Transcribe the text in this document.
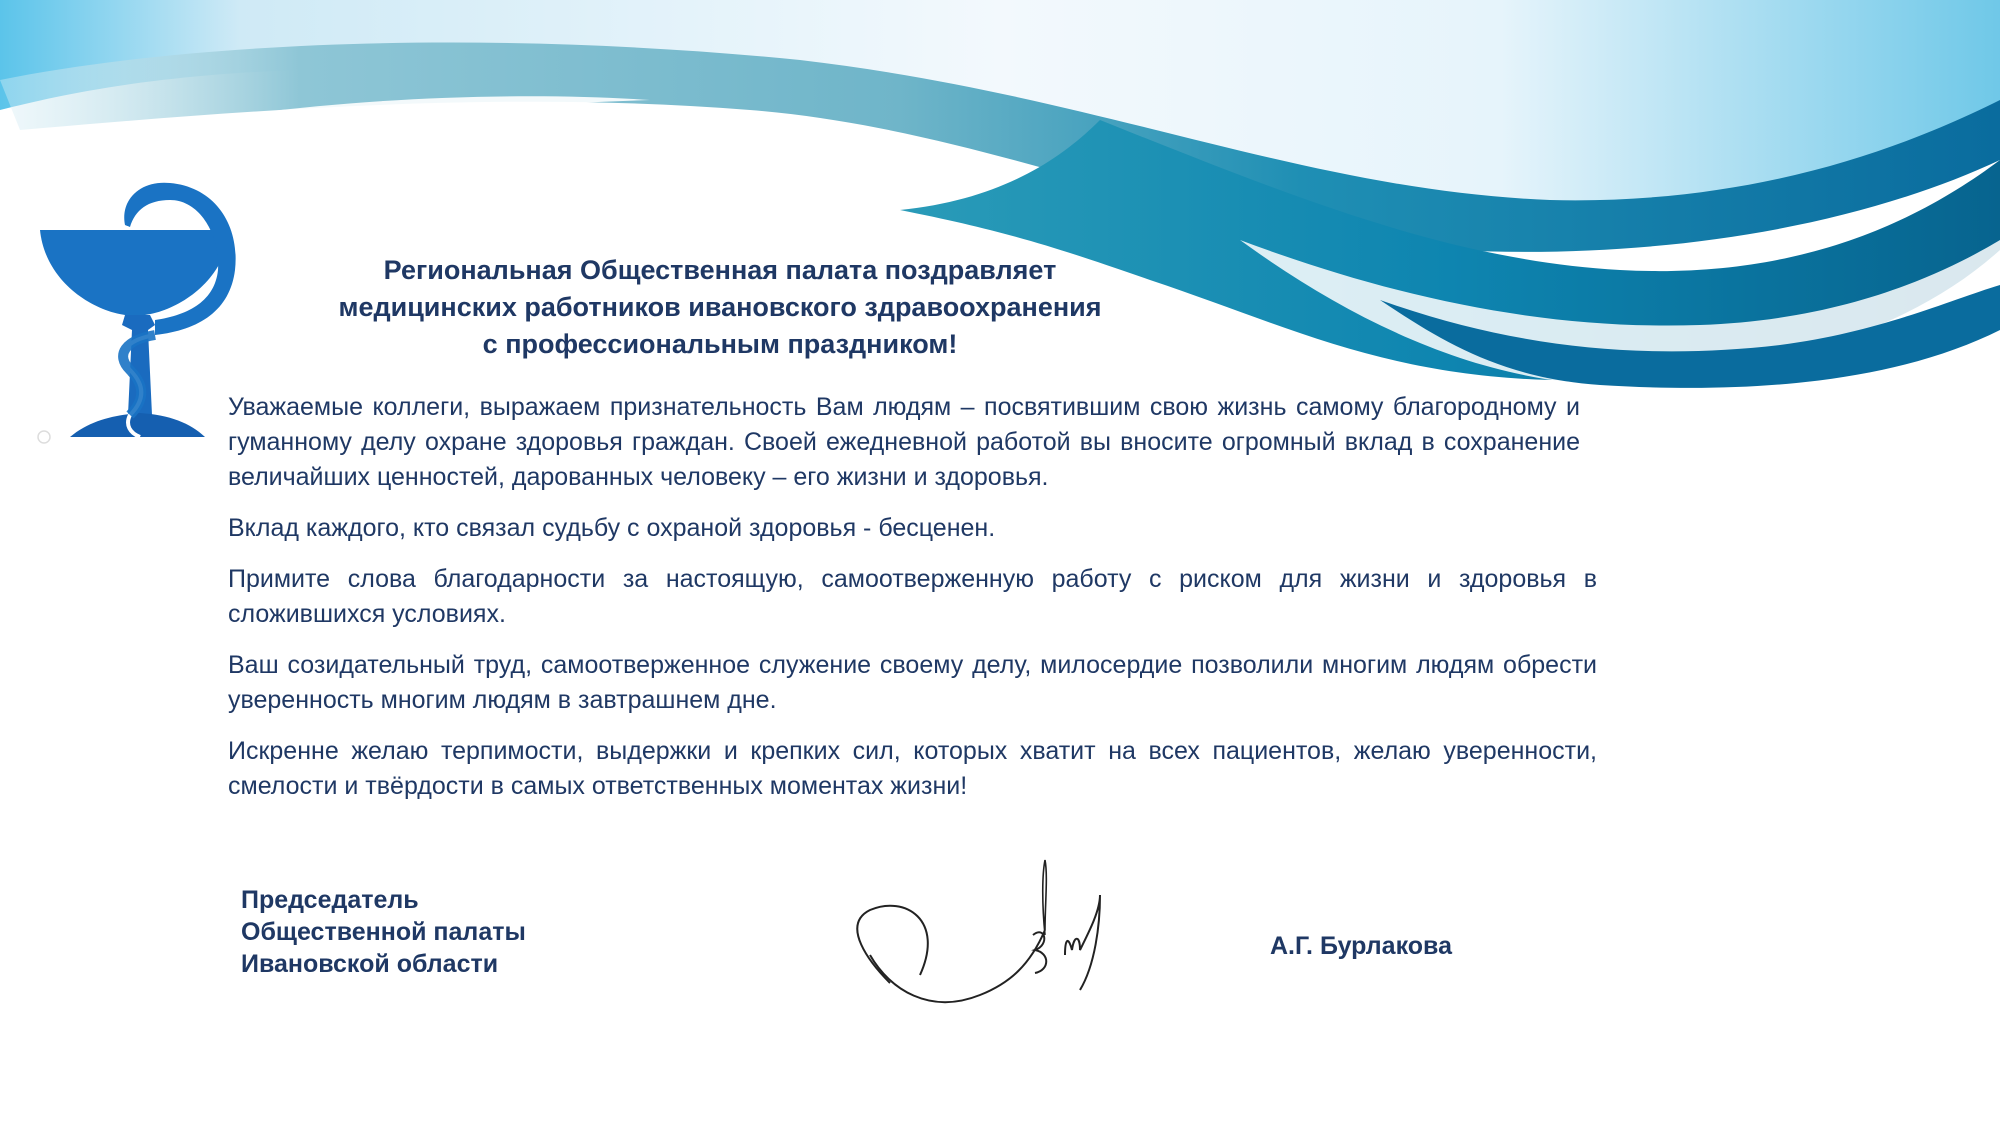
Региональная Общественная палата поздравляет
медицинских работников ивановского здравоохранения
с профессиональным праздником!

Уважаемые коллеги, выражаем признательность Вам людям – посвятившим свою жизнь самому благородному и гуманному делу охране здоровья граждан. Своей ежедневной работой вы вносите огромный вклад в сохранение величайших ценностей, дарованных человеку – его жизни и здоровья.

Вклад каждого, кто связал судьбу с охраной здоровья - бесценен.

Примите слова благодарности за настоящую, самоотверженную работу с риском для жизни и здоровья в сложившихся условиях.

Ваш созидательный труд, самоотверженное служение своему делу, милосердие позволили многим людям обрести уверенность многим людям в завтрашнем дне.

Искренне желаю терпимости, выдержки и крепких сил, которых хватит на всех пациентов, желаю уверенности, смелости и твёрдости в самых ответственных моментах жизни!

Председатель
Общественной палаты
Ивановской области
А.Г. Бурлакова
